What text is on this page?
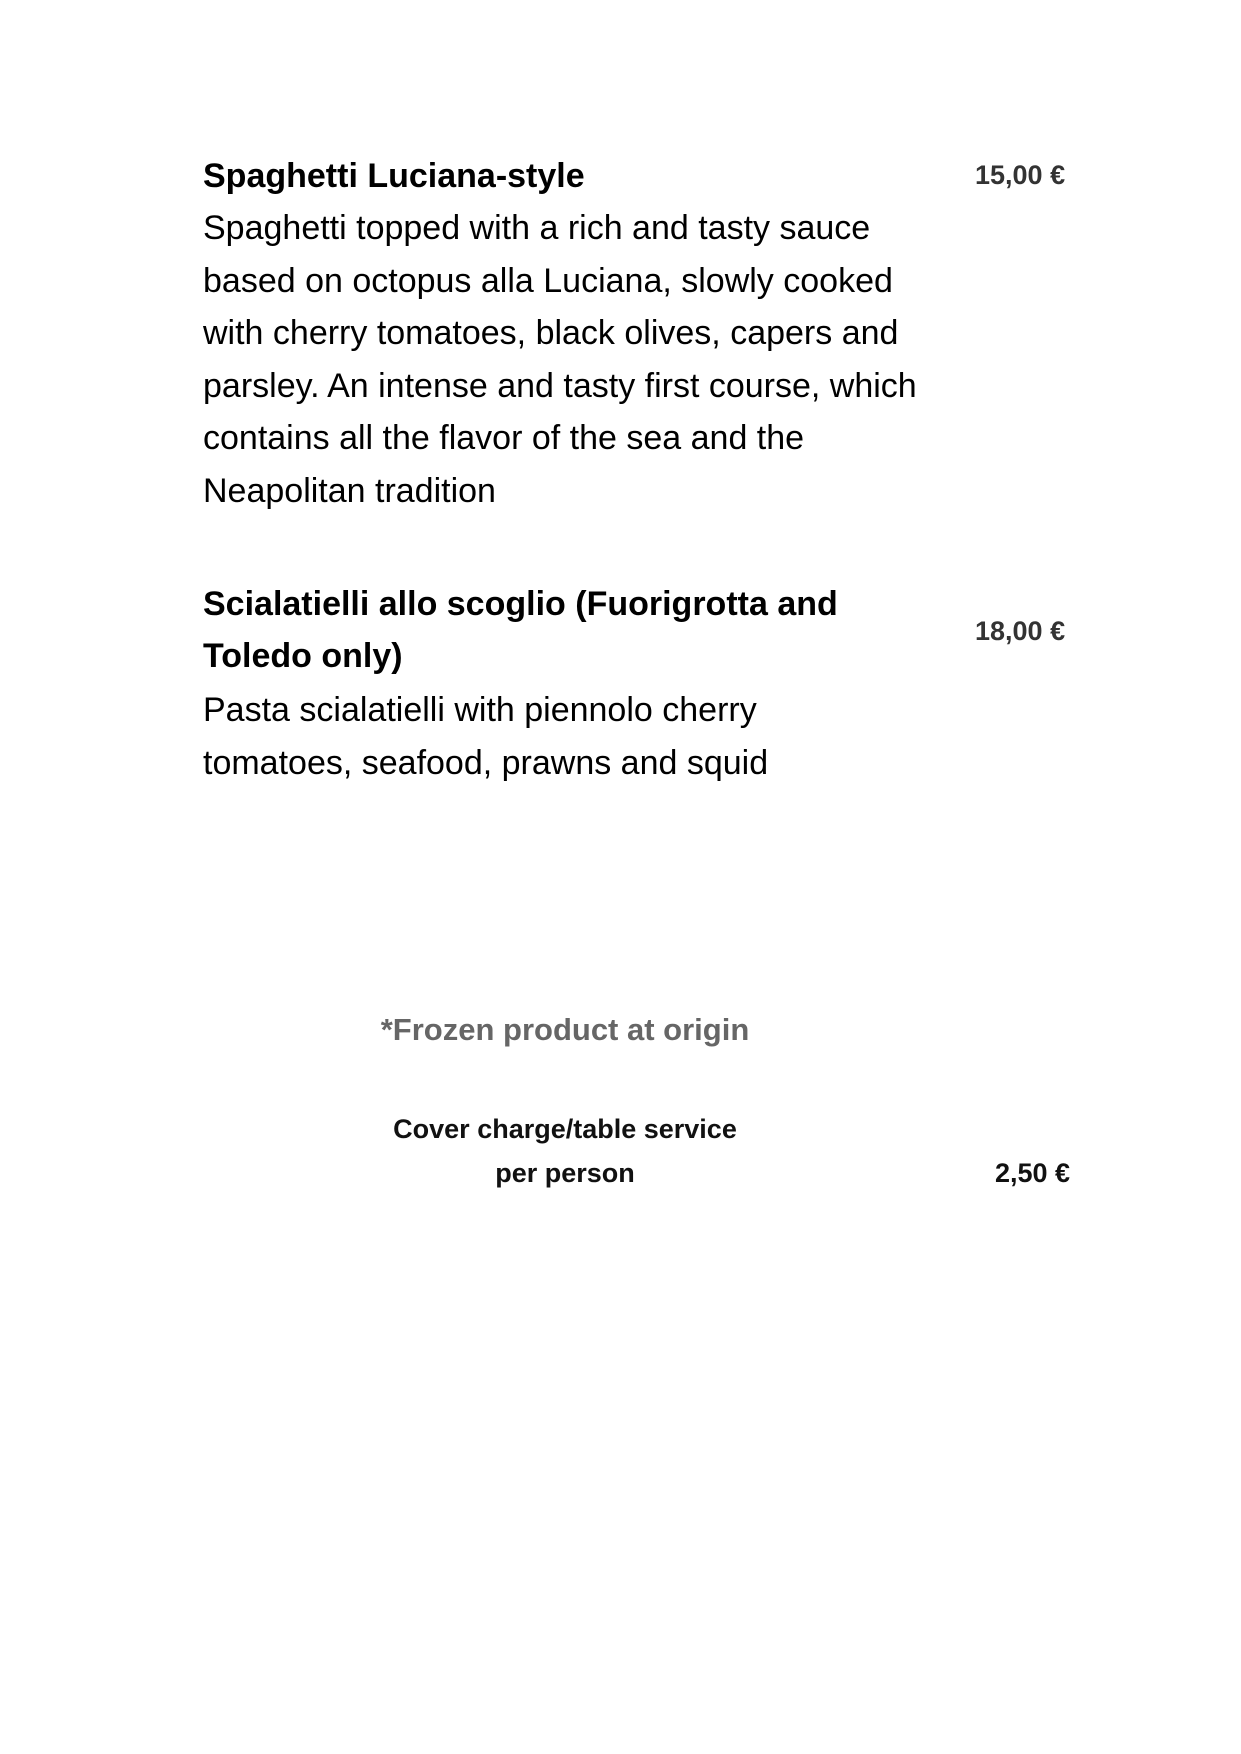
Spaghetti Luciana-style	15,00 €
Spaghetti topped with a rich and tasty sauce based on octopus alla Luciana, slowly cooked with cherry tomatoes, black olives, capers and parsley. An intense and tasty first course, which contains all the flavor of the sea and the Neapolitan tradition
Scialatielli allo scoglio (Fuorigrotta and Toledo only)
18,00 €
Pasta scialatielli with piennolo cherry tomatoes, seafood, prawns and squid
*Frozen product at origin
Cover charge/table service
per person	2,50 €
